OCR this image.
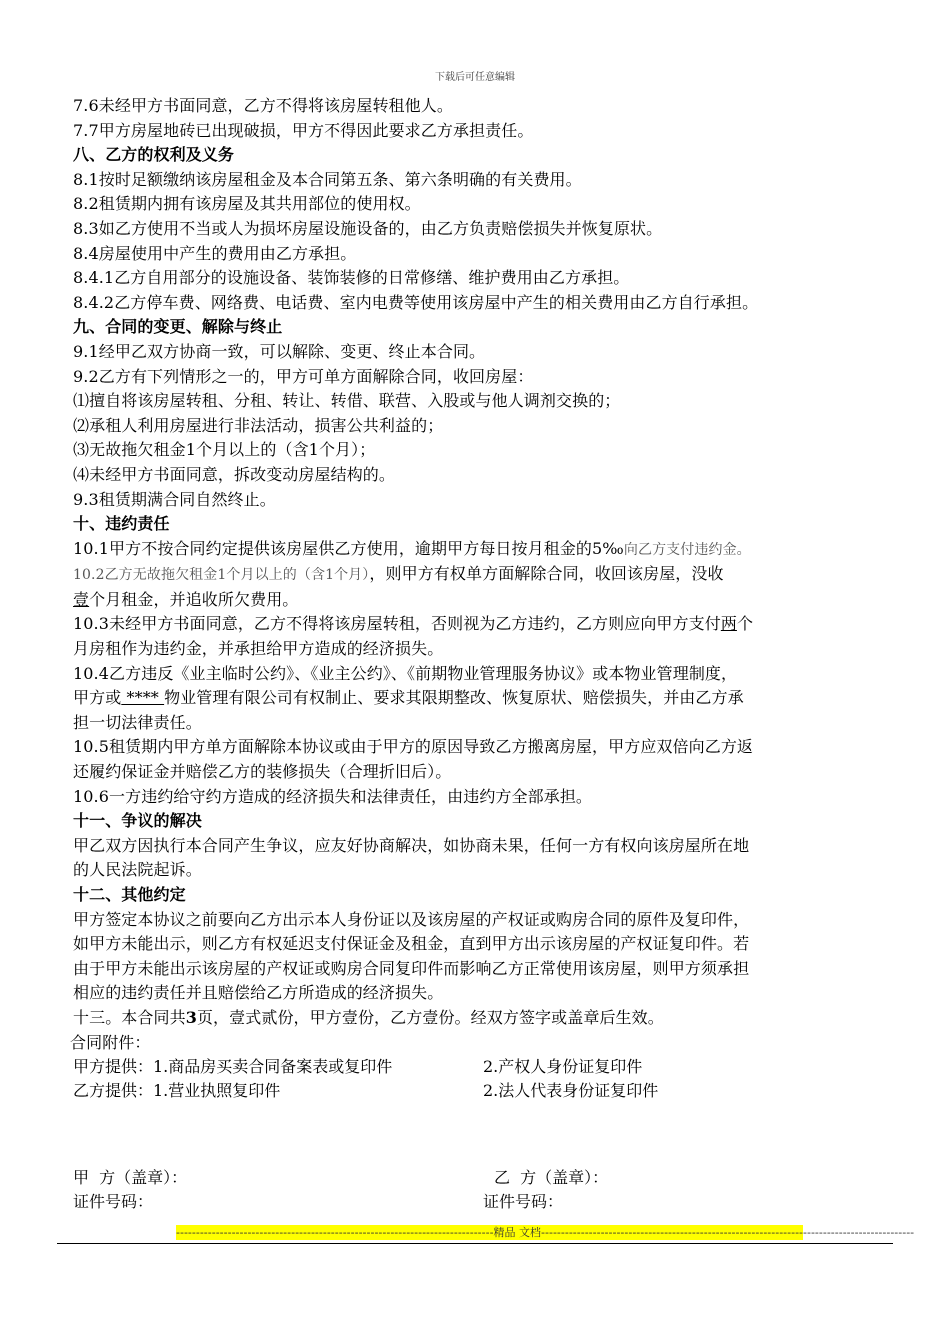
下载后可任意编辑
7.6未经甲方书面同意，乙方不得将该房屋转租他人。
7.7甲方房屋地砖已出现破损，甲方不得因此要求乙方承担责任。
八、乙方的权利及义务
8.1按时足额缴纳该房屋租金及本合同第五条、第六条明确的有关费用。
8.2租赁期内拥有该房屋及其共用部位的使用权。
8.3如乙方使用不当或人为损坏房屋设施设备的，由乙方负责赔偿损失并恢复原状。
8.4房屋使用中产生的费用由乙方承担。
8.4.1乙方自用部分的设施设备、装饰装修的日常修缮、维护费用由乙方承担。
8.4.2乙方停车费、网络费、电话费、室内电费等使用该房屋中产生的相关费用由乙方自行承担。
九、合同的变更、解除与终止
9.1经甲乙双方协商一致，可以解除、变更、终止本合同。
9.2乙方有下列情形之一的，甲方可单方面解除合同，收回房屋：
⑴擅自将该房屋转租、分租、转让、转借、联营、入股或与他人调剂交换的；
⑵承租人利用房屋进行非法活动，损害公共利益的；
⑶无故拖欠租金1个月以上的（含1个月）；
⑷未经甲方书面同意，拆改变动房屋结构的。
9.3租赁期满合同自然终止。
十、违约责任
10.1甲方不按合同约定提供该房屋供乙方使用，逾期甲方每日按月租金的5‰向乙方支付违约金。
10.2乙方无故拖欠租金1个月以上的（含1个月），则甲方有权单方面解除合同，收回该房屋，没收
壹个月租金，并追收所欠费用。
10.3未经甲方书面同意，乙方不得将该房屋转租，否则视为乙方违约，乙方则应向甲方支付两个
月房租作为违约金，并承担给甲方造成的经济损失。
10.4乙方违反《业主临时公约》、《业主公约》、《前期物业管理服务协议》或本物业管理制度，
甲方或 **** 物业管理有限公司有权制止、要求其限期整改、恢复原状、赔偿损失，并由乙方承
担一切法律责任。
10.5租赁期内甲方单方面解除本协议或由于甲方的原因导致乙方搬离房屋，甲方应双倍向乙方返
还履约保证金并赔偿乙方的装修损失（合理折旧后）。
10.6一方违约给守约方造成的经济损失和法律责任，由违约方全部承担。
十一、争议的解决
甲乙双方因执行本合同产生争议，应友好协商解决，如协商未果，任何一方有权向该房屋所在地
的人民法院起诉。
十二、其他约定
甲方签定本协议之前要向乙方出示本人身份证以及该房屋的产权证或购房合同的原件及复印件，
如甲方未能出示，则乙方有权延迟支付保证金及租金，直到甲方出示该房屋的产权证复印件。若
由于甲方未能出示该房屋的产权证或购房合同复印件而影响乙方正常使用该房屋，则甲方须承担
相应的违约责任并且赔偿给乙方所造成的经济损失。
十三。本合同共3页，壹式贰份，甲方壹份，乙方壹份。经双方签字或盖章后生效。
合同附件：
甲方提供：1.商品房买卖合同备案表或复印件	2.产权人身份证复印件
乙方提供：1.营业执照复印件	2.法人代表身份证复印件
甲  方（盖章）：	乙  方（盖章）：
证件号码：	证件号码：
--------------------------------------------------------------------------------精品 文档----------------------------------------------------------------------------------------------
